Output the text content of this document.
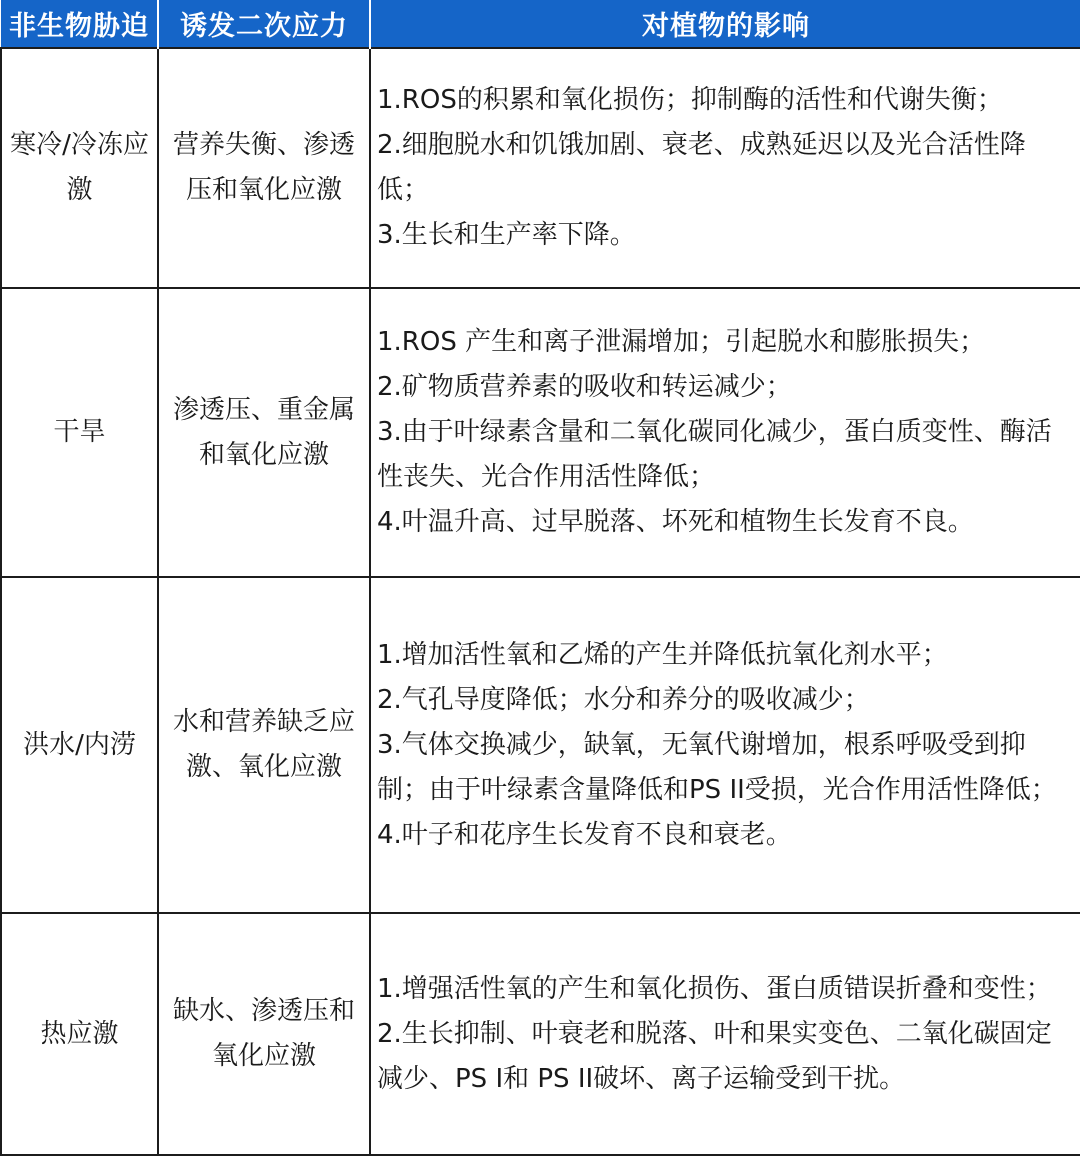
非生物胁迫	诱发二次应力	对植物的影响
寒冷/冷冻应激	营养失衡、渗透压和氧化应激	1.ROS的积累和氧化损伤；抑制酶的活性和代谢失衡；
2.细胞脱水和饥饿加剧、衰老、成熟延迟以及光合活性降低；
3.生长和生产率下降。

干旱	渗透压、重金属和氧化应激	1.ROS 产生和离子泄漏增加；引起脱水和膨胀损失；
2.矿物质营养素的吸收和转运减少；
3.由于叶绿素含量和二氧化碳同化减少，蛋白质变性、酶活性丧失、光合作用活性降低；
4.叶温升高、过早脱落、坏死和植物生长发育不良。

洪水/内涝	水和营养缺乏应激、氧化应激	1.增加活性氧和乙烯的产生并降低抗氧化剂水平；
2.气孔导度降低；水分和养分的吸收减少；
3.气体交换减少，缺氧，无氧代谢增加，根系呼吸受到抑制；由于叶绿素含量降低和PS II受损，光合作用活性降低；
4.叶子和花序生长发育不良和衰老。

热应激	缺水、渗透压和氧化应激	1.增强活性氧的产生和氧化损伤、蛋白质错误折叠和变性；
2.生长抑制、叶衰老和脱落、叶和果实变色、二氧化碳固定减少、PS I和 PS II破坏、离子运输受到干扰。
